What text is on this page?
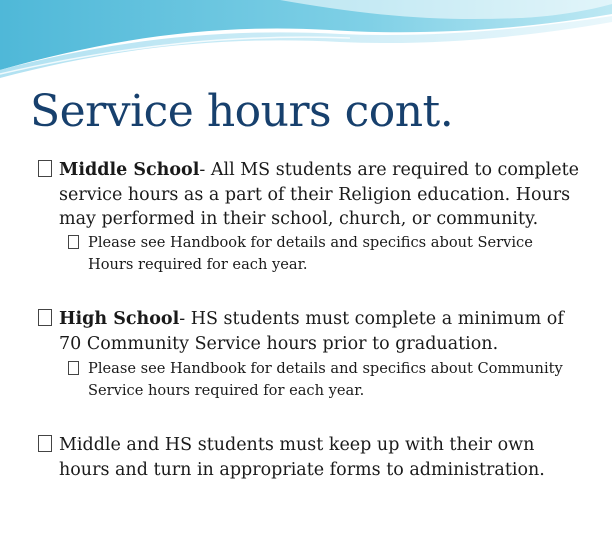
Service hours cont.
Middle School- All MS students are required to complete service hours as a part of their Religion education. Hours may performed in their school, church, or community.
Please see Handbook for details and specifics about Service Hours required for each year.
High School- HS students must complete a minimum of 70 Community Service hours prior to graduation.
Please see Handbook for details and specifics about Community Service hours required for each year.
Middle and HS students must keep up with their own hours and turn in appropriate forms to administration.
